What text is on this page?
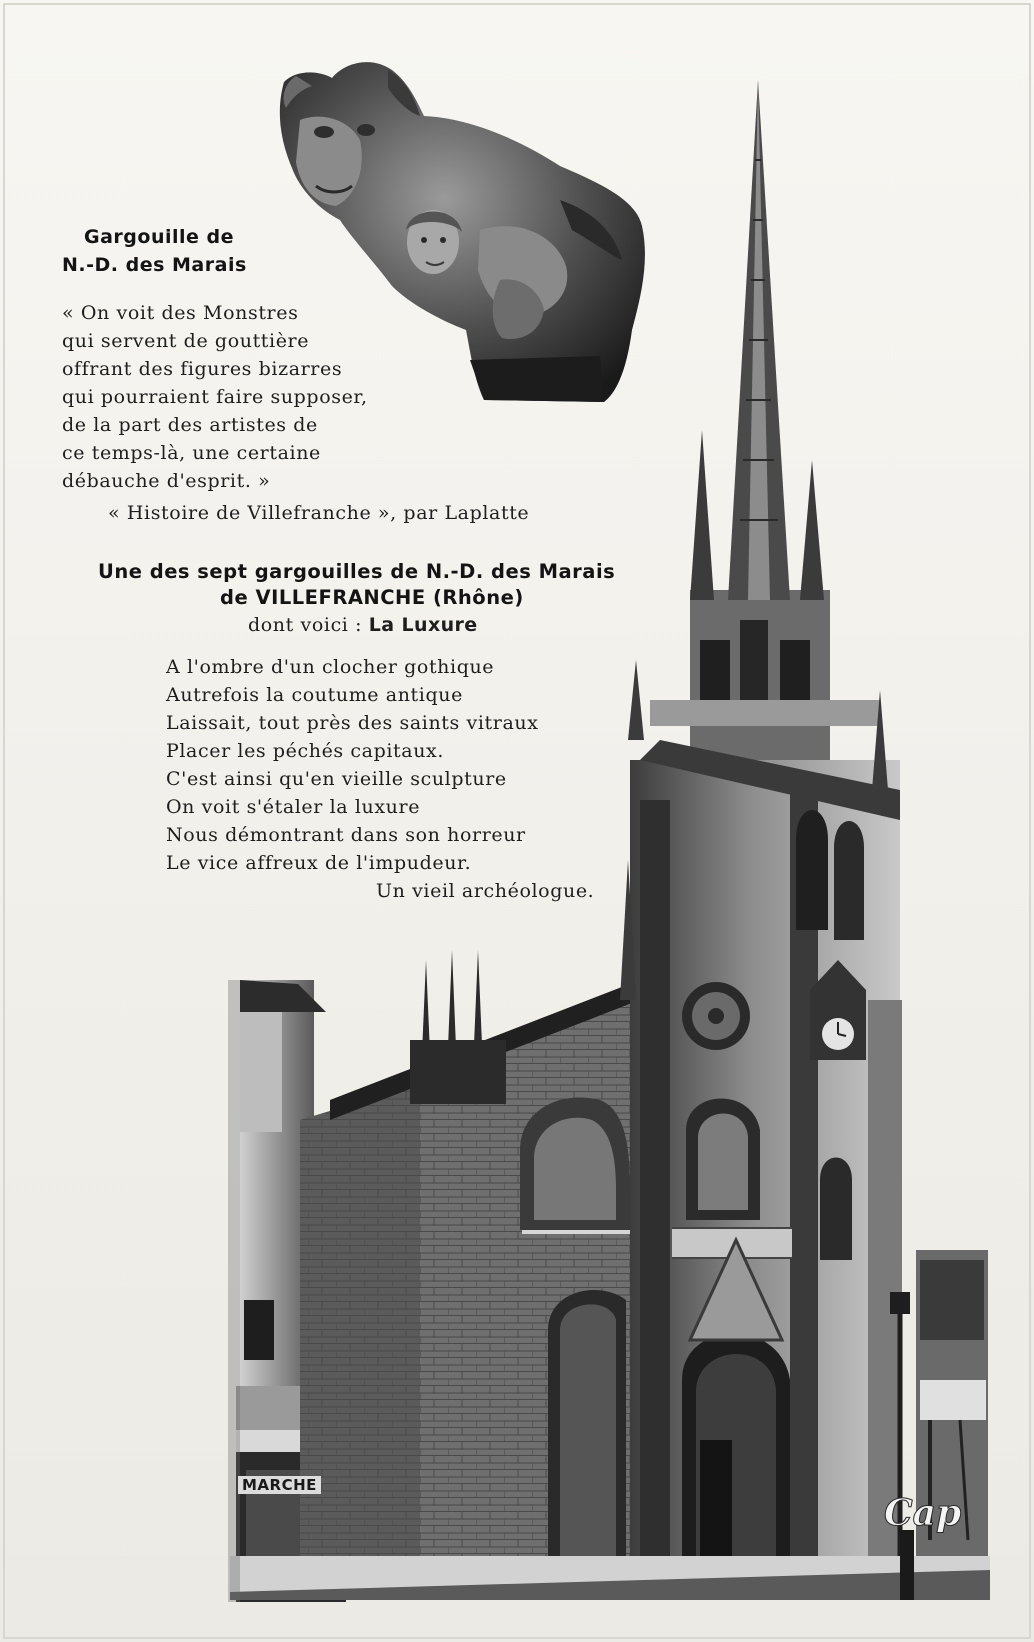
Gargouille de
N.-D. des Marais
« On voit des Monstres
qui servent de gouttière
offrant des figures bizarres
qui pourraient faire supposer,
de la part des artistes de
ce temps-là, une certaine
débauche d'esprit. »
« Histoire de Villefranche », par Laplatte
Une des sept gargouilles de N.-D. des Marais
de VILLEFRANCHE (Rhône)
dont voici : La Luxure
A l'ombre d'un clocher gothique
Autrefois la coutume antique
Laissait, tout près des saints vitraux
Placer les péchés capitaux.
C'est ainsi qu'en vieille sculpture
On voit s'étaler la luxure
Nous démontrant dans son horreur
Le vice affreux de l'impudeur.
Un vieil archéologue.
MARCHE
Cap
